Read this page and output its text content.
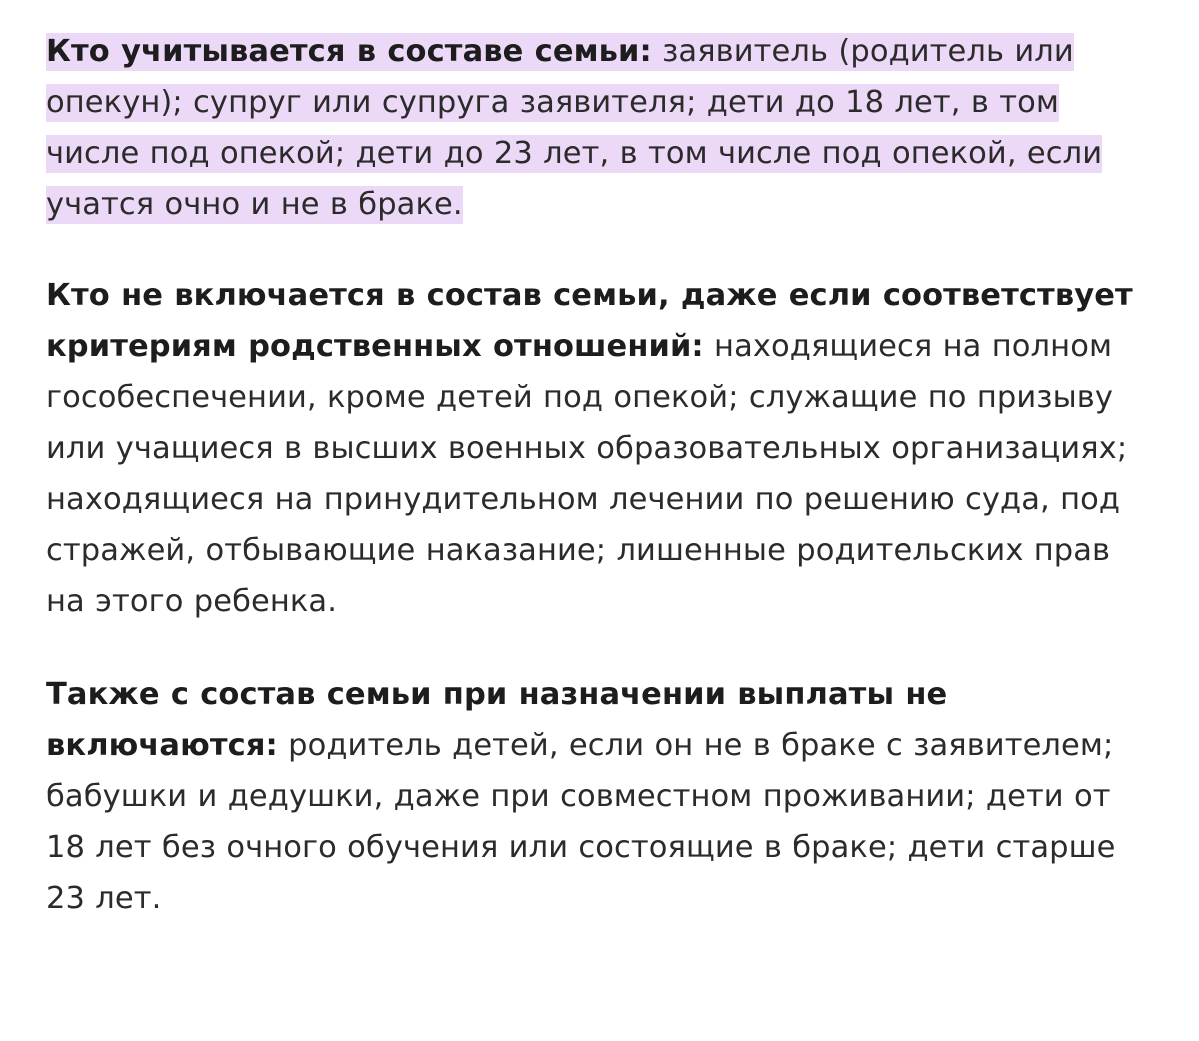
Кто учитывается в составе семьи: заявитель (родитель или опекун); супруг или супруга заявителя; дети до 18 лет, в том числе под опекой; дети до 23 лет, в том числе под опекой, если учатся очно и не в браке.

Кто не включается в состав семьи, даже если соответствует критериям родственных отношений: находящиеся на полном гособеспечении, кроме детей под опекой; служащие по призыву или учащиеся в высших военных образовательных организациях; находящиеся на принудительном лечении по решению суда, под стражей, отбывающие наказание; лишенные родительских прав на этого ребенка.

Также с состав семьи при назначении выплаты не включаются: родитель детей, если он не в браке с заявителем; бабушки и дедушки, даже при совместном проживании; дети от 18 лет без очного обучения или состоящие в браке; дети старше 23 лет.
